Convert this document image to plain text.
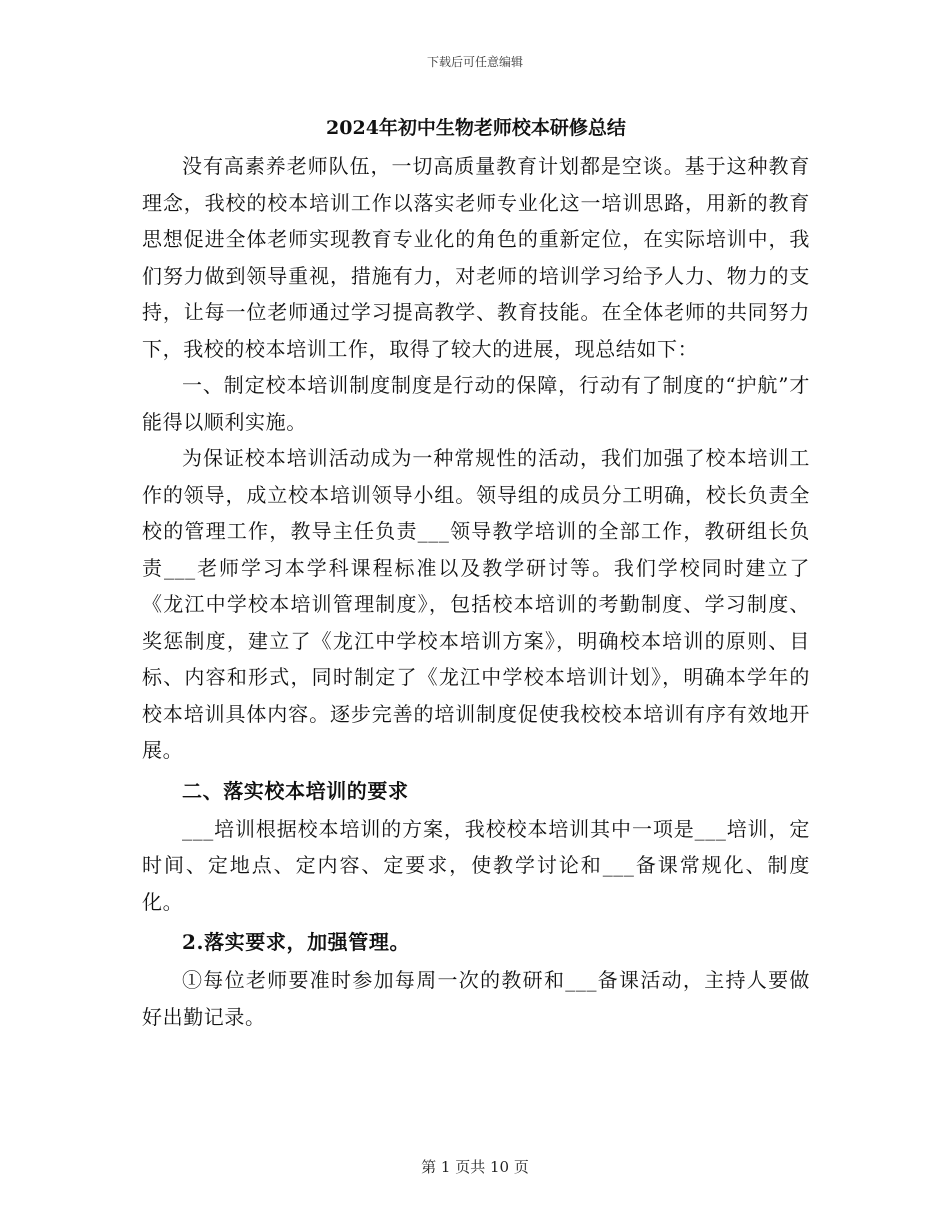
下载后可任意编辑
2024年初中生物老师校本研修总结

没有高素养老师队伍，一切高质量教育计划都是空谈。基于这种教育理念，我校的校本培训工作以落实老师专业化这一培训思路，用新的教育思想促进全体老师实现教育专业化的角色的重新定位，在实际培训中，我们努力做到领导重视，措施有力，对老师的培训学习给予人力、物力的支持，让每一位老师通过学习提高教学、教育技能。在全体老师的共同努力下，我校的校本培训工作，取得了较大的进展，现总结如下：

一、制定校本培训制度制度是行动的保障，行动有了制度的“护航”才能得以顺利实施。

为保证校本培训活动成为一种常规性的活动，我们加强了校本培训工作的领导，成立校本培训领导小组。领导组的成员分工明确，校长负责全校的管理工作，教导主任负责___领导教学培训的全部工作，教研组长负责___老师学习本学科课程标准以及教学研讨等。我们学校同时建立了《龙江中学校本培训管理制度》，包括校本培训的考勤制度、学习制度、奖惩制度，建立了《龙江中学校本培训方案》，明确校本培训的原则、目标、内容和形式，同时制定了《龙江中学校本培训计划》，明确本学年的校本培训具体内容。逐步完善的培训制度促使我校校本培训有序有效地开展。

二、落实校本培训的要求

___培训根据校本培训的方案，我校校本培训其中一项是___培训，定时间、定地点、定内容、定要求，使教学讨论和___备课常规化、制度化。

2.落实要求，加强管理。

①每位老师要准时参加每周一次的教研和___备课活动，主持人要做好出勤记录。

第 1 页共 10 页
